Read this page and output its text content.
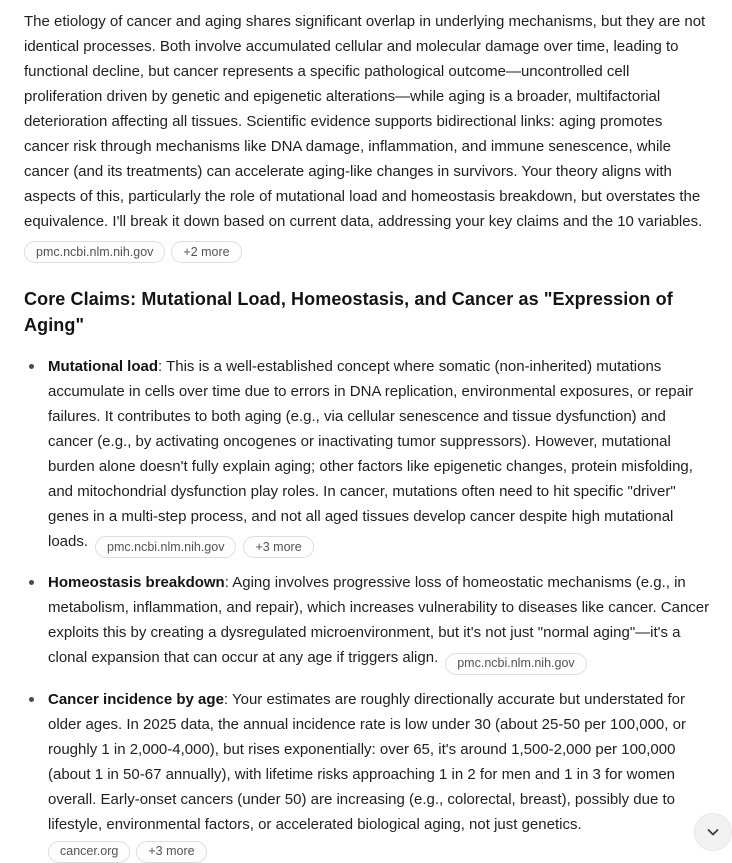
The etiology of cancer and aging shares significant overlap in underlying mechanisms, but they are not identical processes. Both involve accumulated cellular and molecular damage over time, leading to functional decline, but cancer represents a specific pathological outcome—uncontrolled cell proliferation driven by genetic and epigenetic alterations—while aging is a broader, multifactorial deterioration affecting all tissues. Scientific evidence supports bidirectional links: aging promotes cancer risk through mechanisms like DNA damage, inflammation, and immune senescence, while cancer (and its treatments) can accelerate aging-like changes in survivors. Your theory aligns with aspects of this, particularly the role of mutational load and homeostasis breakdown, but overstates the equivalence. I'll break it down based on current data, addressing your key claims and the 10 variables.

pmc.ncbi.nlm.nih.gov	+2 more
Core Claims: Mutational Load, Homeostasis, and Cancer as "Expression of Aging"

Mutational load: This is a well-established concept where somatic (non-inherited) mutations accumulate in cells over time due to errors in DNA replication, environmental exposures, or repair failures. It contributes to both aging (e.g., via cellular senescence and tissue dysfunction) and cancer (e.g., by activating oncogenes or inactivating tumor suppressors). However, mutational burden alone doesn't fully explain aging; other factors like epigenetic changes, protein misfolding, and mitochondrial dysfunction play roles. In cancer, mutations often need to hit specific "driver" genes in a multi-step process, and not all aged tissues develop cancer despite high mutational loads. pmc.ncbi.nlm.nih.gov +3 more

Homeostasis breakdown: Aging involves progressive loss of homeostatic mechanisms (e.g., in metabolism, inflammation, and repair), which increases vulnerability to diseases like cancer. Cancer exploits this by creating a dysregulated microenvironment, but it's not just "normal aging"—it's a clonal expansion that can occur at any age if triggers align. pmc.ncbi.nlm.nih.gov

Cancer incidence by age: Your estimates are roughly directionally accurate but understated for older ages. In 2025 data, the annual incidence rate is low under 30 (about 25-50 per 100,000, or roughly 1 in 2,000-4,000), but rises exponentially: over 65, it's around 1,500-2,000 per 100,000 (about 1 in 50-67 annually), with lifetime risks approaching 1 in 2 for men and 1 in 3 for women overall. Early-onset cancers (under 50) are increasing (e.g., colorectal, breast), possibly due to lifestyle, environmental factors, or accelerated biological aging, not just genetics.

cancer.org	+3 more
